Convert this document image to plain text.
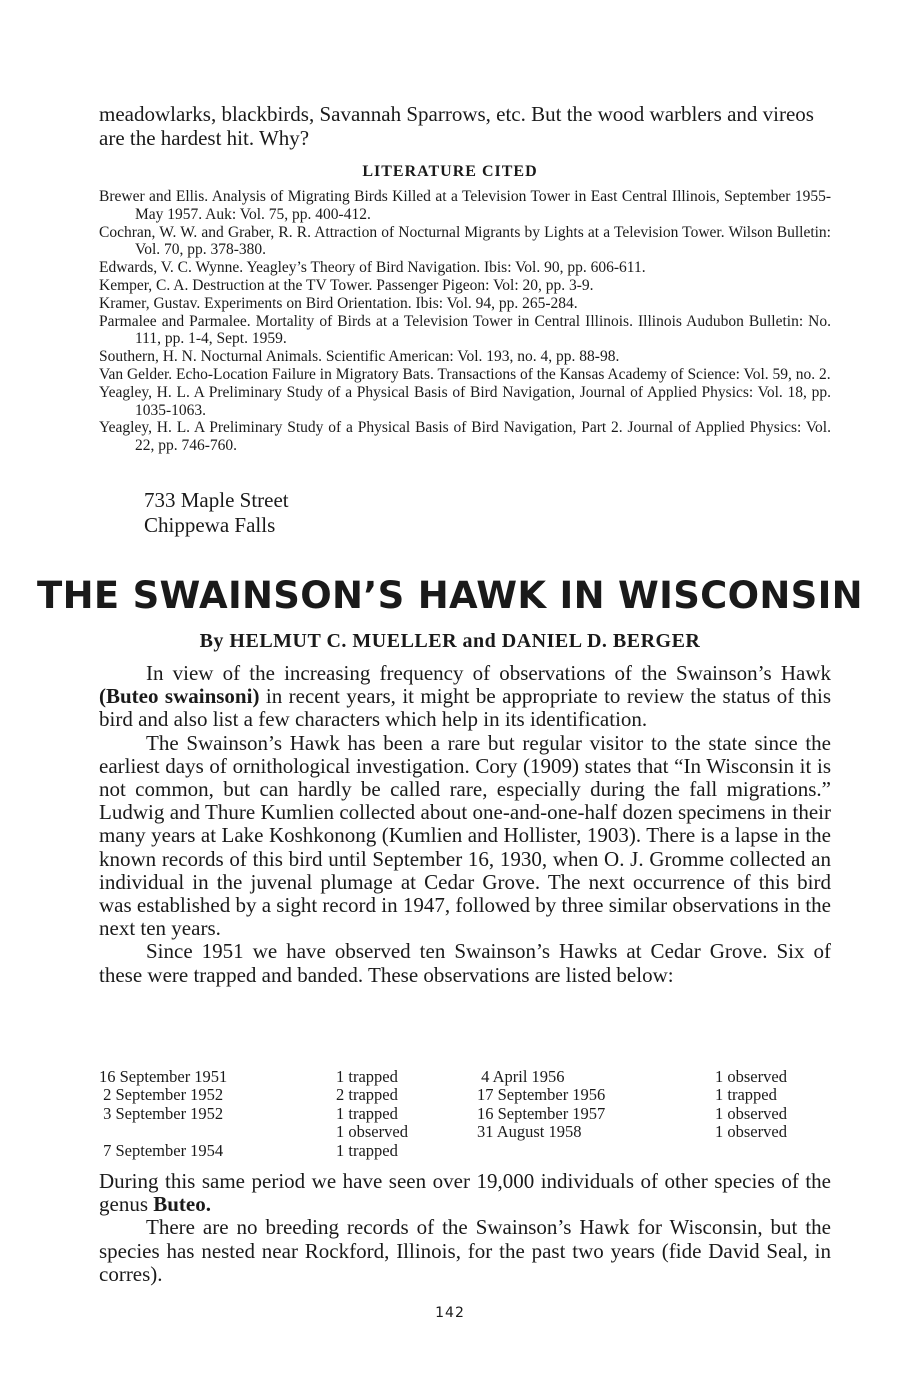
meadowlarks, blackbirds, Savannah Sparrows, etc. But the wood warblers and vireos are the hardest hit. Why?
LITERATURE CITED
Brewer and Ellis. Analysis of Migrating Birds Killed at a Television Tower in East Central Illinois, September 1955-May 1957. Auk: Vol. 75, pp. 400-412.
Cochran, W. W. and Graber, R. R. Attraction of Nocturnal Migrants by Lights at a Television Tower. Wilson Bulletin: Vol. 70, pp. 378-380.
Edwards, V. C. Wynne. Yeagley’s Theory of Bird Navigation. Ibis: Vol. 90, pp. 606-611.
Kemper, C. A. Destruction at the TV Tower. Passenger Pigeon: Vol: 20, pp. 3-9.
Kramer, Gustav. Experiments on Bird Orientation. Ibis: Vol. 94, pp. 265-284.
Parmalee and Parmalee. Mortality of Birds at a Television Tower in Central Illinois. Illinois Audubon Bulletin: No. 111, pp. 1-4, Sept. 1959.
Southern, H. N. Nocturnal Animals. Scientific American: Vol. 193, no. 4, pp. 88-98.
Van Gelder. Echo-Location Failure in Migratory Bats. Transactions of the Kansas Academy of Science: Vol. 59, no. 2.
Yeagley, H. L. A Preliminary Study of a Physical Basis of Bird Navigation, Journal of Applied Physics: Vol. 18, pp. 1035-1063.
Yeagley, H. L. A Preliminary Study of a Physical Basis of Bird Navigation, Part 2. Journal of Applied Physics: Vol. 22, pp. 746-760.
733 Maple Street
Chippewa Falls
THE SWAINSON’S HAWK IN WISCONSIN
By HELMUT C. MUELLER and DANIEL D. BERGER

In view of the increasing frequency of observations of the Swainson’s Hawk (Buteo swainsoni) in recent years, it might be appropriate to review the status of this bird and also list a few characters which help in its identification.

The Swainson’s Hawk has been a rare but regular visitor to the state since the earliest days of ornithological investigation. Cory (1909) states that “In Wisconsin it is not common, but can hardly be called rare, especially during the fall migrations.” Ludwig and Thure Kumlien collected about one-and-one-half dozen specimens in their many years at Lake Koshkonong (Kumlien and Hollister, 1903). There is a lapse in the known records of this bird until September 16, 1930, when O. J. Gromme collected an individual in the juvenal plumage at Cedar Grove. The next occurrence of this bird was established by a sight record in 1947, followed by three similar observations in the next ten years.

Since 1951 we have observed ten Swainson’s Hawks at Cedar Grove. Six of these were trapped and banded. These observations are listed below:

16 September 1951
2 September 1952
3 September 1952
7 September 1954
1 trapped
2 trapped
1 trapped
1 observed
1 trapped
4 April 1956
17 September 1956
16 September 1957
31 August 1958
1 observed
1 trapped
1 observed
1 observed

During this same period we have seen over 19,000 individuals of other species of the genus Buteo.

There are no breeding records of the Swainson’s Hawk for Wisconsin, but the species has nested near Rockford, Illinois, for the past two years (fide David Seal, in corres).

142
